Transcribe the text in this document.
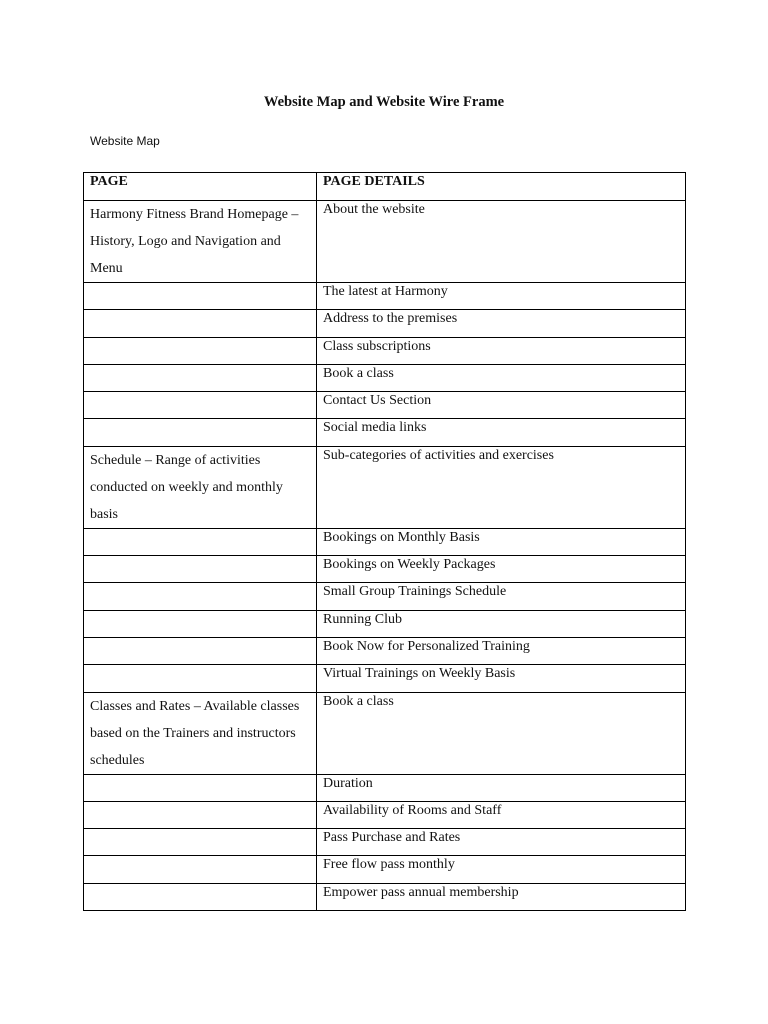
Website Map and Website Wire Frame
Website Map
PAGE	PAGE DETAILS
Harmony Fitness Brand Homepage –History, Logo and Navigation and Menu	About the website
	The latest at Harmony
	Address to the premises
	Class subscriptions
	Book a class
	Contact Us Section
	Social media links
Schedule – Range of activities conducted on weekly and monthly basis	Sub-categories of activities and exercises
	Bookings on Monthly Basis
	Bookings on Weekly Packages
	Small Group Trainings Schedule
	Running Club
	Book Now for Personalized Training
	Virtual Trainings on Weekly Basis
Classes and Rates – Available classes based on the Trainers and instructors schedules	Book a class
	Duration
	Availability of Rooms and Staff
	Pass Purchase and Rates
	Free flow pass monthly
	Empower pass annual membership
